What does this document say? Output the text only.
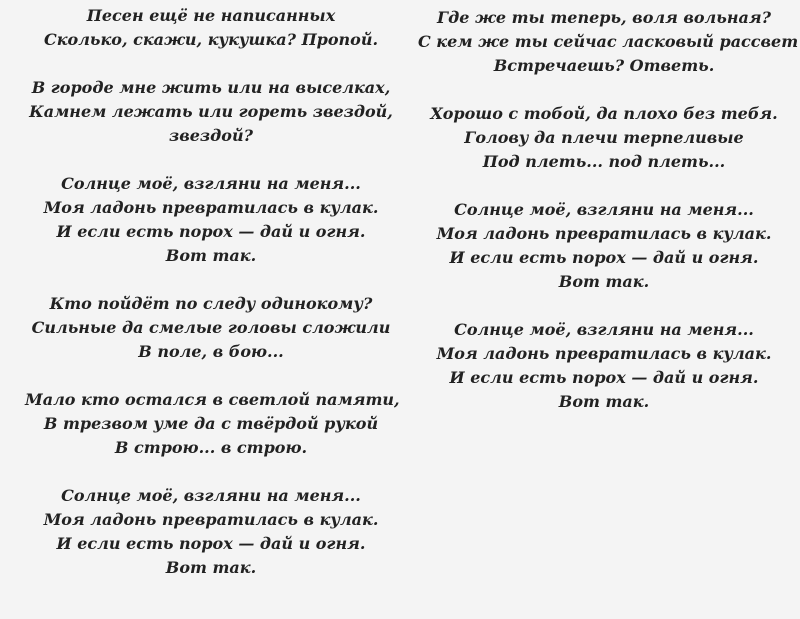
Песен ещё не написанных
Сколько, скажи, кукушка? Пропой.
В городе мне жить или на выселках,
Камнем лежать или гореть звездой,
звездой?
Солнце моё, взгляни на меня...
Моя ладонь превратилась в кулак.
И если есть порох — дай и огня.
Вот так.
Кто пойдёт по следу одинокому?
Сильные да смелые головы сложили
В поле, в бою...
Мало кто остался в светлой памяти,
В трезвом уме да с твёрдой рукой
В строю... в строю.
Солнце моё, взгляни на меня...
Моя ладонь превратилась в кулак.
И если есть порох — дай и огня.
Вот так.
Где же ты теперь, воля вольная?
С кем же ты сейчас ласковый рассвет
Встречаешь? Ответь.
Хорошо с тобой, да плохо без тебя.
Голову да плечи терпеливые
Под плеть... под плеть...
Солнце моё, взгляни на меня...
Моя ладонь превратилась в кулак.
И если есть порох — дай и огня.
Вот так.
Солнце моё, взгляни на меня...
Моя ладонь превратилась в кулак.
И если есть порох — дай и огня.
Вот так.
